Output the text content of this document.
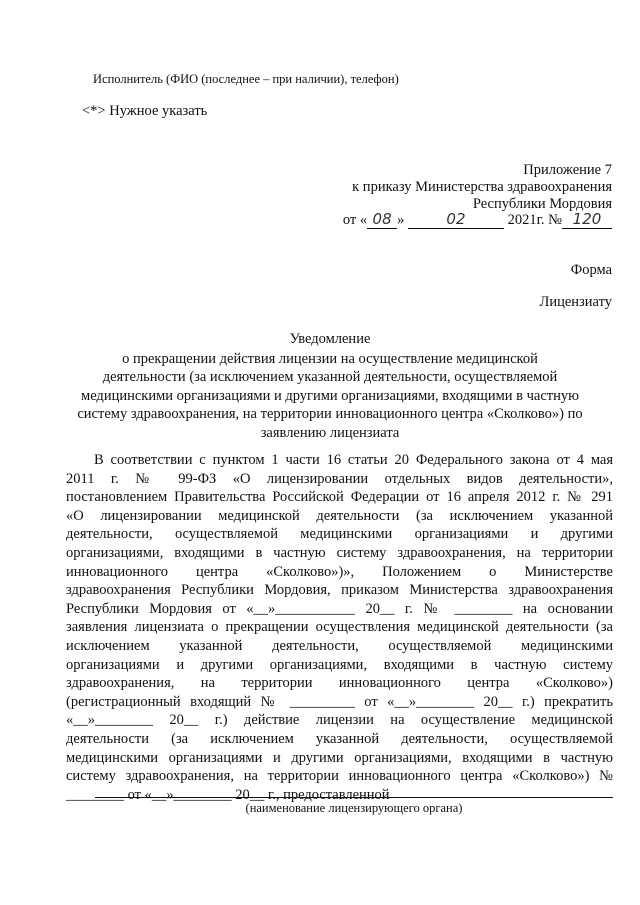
Исполнитель (ФИО (последнее – при наличии), телефон)
<*> Нужное указать
Приложение 7
к приказу Министерства здравоохранения
Республики Мордовия
от « 08 »	02	2021г. № 120
Форма
Лицензиату
Уведомление
о прекращении действия лицензии на осуществление медицинской
деятельности (за исключением указанной деятельности, осуществляемой
медицинскими организациями и другими организациями, входящими в частную
систему здравоохранения, на территории инновационного центра «Сколково») по
заявлению лицензиата
В соответствии с пунктом 1 части 16 статьи 20 Федерального закона от 4 мая
2011 г. № 99-ФЗ «О лицензировании отдельных видов деятельности»,
постановлением Правительства Российской Федерации от 16 апреля 2012 г. № 291
«О лицензировании медицинской деятельности (за исключением указанной
деятельности, осуществляемой медицинскими организациями и другими
организациями, входящими в частную систему здравоохранения, на территории
инновационного центра «Сколково»)», Положением о Министерстве
здравоохранения Республики Мордовия, приказом Министерства здравоохранения
Республики Мордовия от «__»___________ 20__ г. № ________ на основании
заявления лицензиата о прекращении осуществления медицинской деятельности (за
исключением указанной деятельности, осуществляемой медицинскими
организациями и другими организациями, входящими в частную систему
здравоохранения, на территории инновационного центра «Сколково»)
(регистрационный входящий № _________ от «__»________ 20__ г.) прекратить
«__»________ 20__ г.) действие лицензии на осуществление медицинской
деятельности (за исключением указанной деятельности, осуществляемой
медицинскими организациями и другими организациями, входящими в частную
систему здравоохранения, на территории инновационного центра «Сколково») №
________ от «__»________ 20__ г., предоставленной
(наименование лицензирующего органа)
